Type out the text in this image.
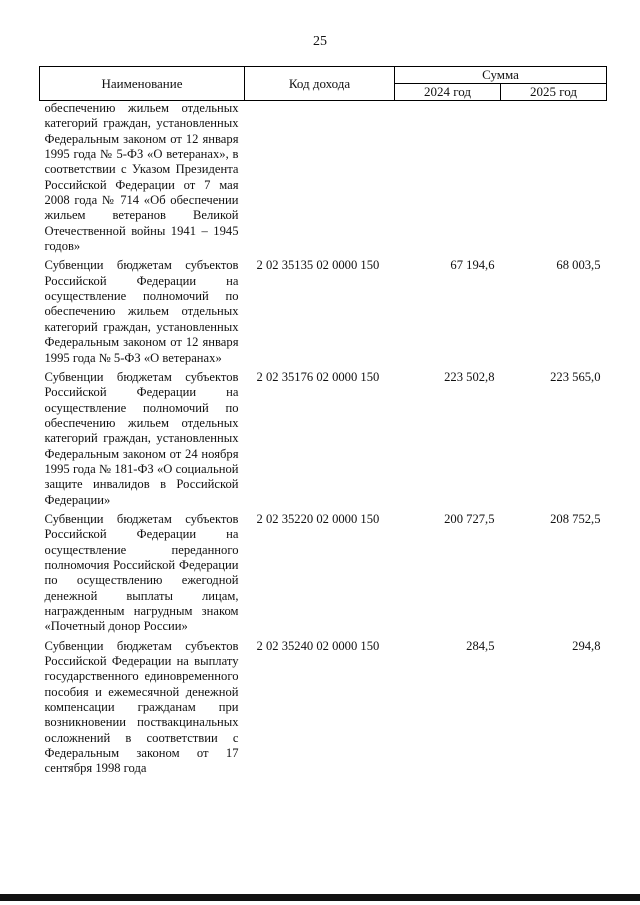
25
Наименование	Код дохода	Сумма	
		2024 год	2025 год
обеспечению жильем отдельных категорий граждан, установленных Федеральным законом от 12 января 1995 года № 5-ФЗ «О ветеранах», в соответствии с Указом Президента Российской Федерации от 7 мая 2008 года № 714 «Об обеспечении жильем ветеранов Великой Отечественной войны 1941 – 1945 годов»			
Субвенции бюджетам субъектов Российской Федерации на осуществление полномочий по обеспечению жильем отдельных категорий граждан, установленных Федеральным законом от 12 января 1995 года № 5-ФЗ «О ветеранах»	2 02 35135 02 0000 150	67 194,6	68 003,5
Субвенции бюджетам субъектов Российской Федерации на осуществление полномочий по обеспечению жильем отдельных категорий граждан, установленных Федеральным законом от 24 ноября 1995 года № 181-ФЗ «О социальной защите инвалидов в Российской Федерации»	2 02 35176 02 0000 150	223 502,8	223 565,0
Субвенции бюджетам субъектов Российской Федерации на осуществление переданного полномочия Российской Федерации по осуществлению ежегодной денежной выплаты лицам, награжденным нагрудным знаком «Почетный донор России»	2 02 35220 02 0000 150	200 727,5	208 752,5
Субвенции бюджетам субъектов Российской Федерации на выплату государственного единовременного пособия и ежемесячной денежной компенсации гражданам при возникновении поствакцинальных осложнений в соответствии с Федеральным законом от 17 сентября 1998 года	2 02 35240 02 0000 150	284,5	294,8
